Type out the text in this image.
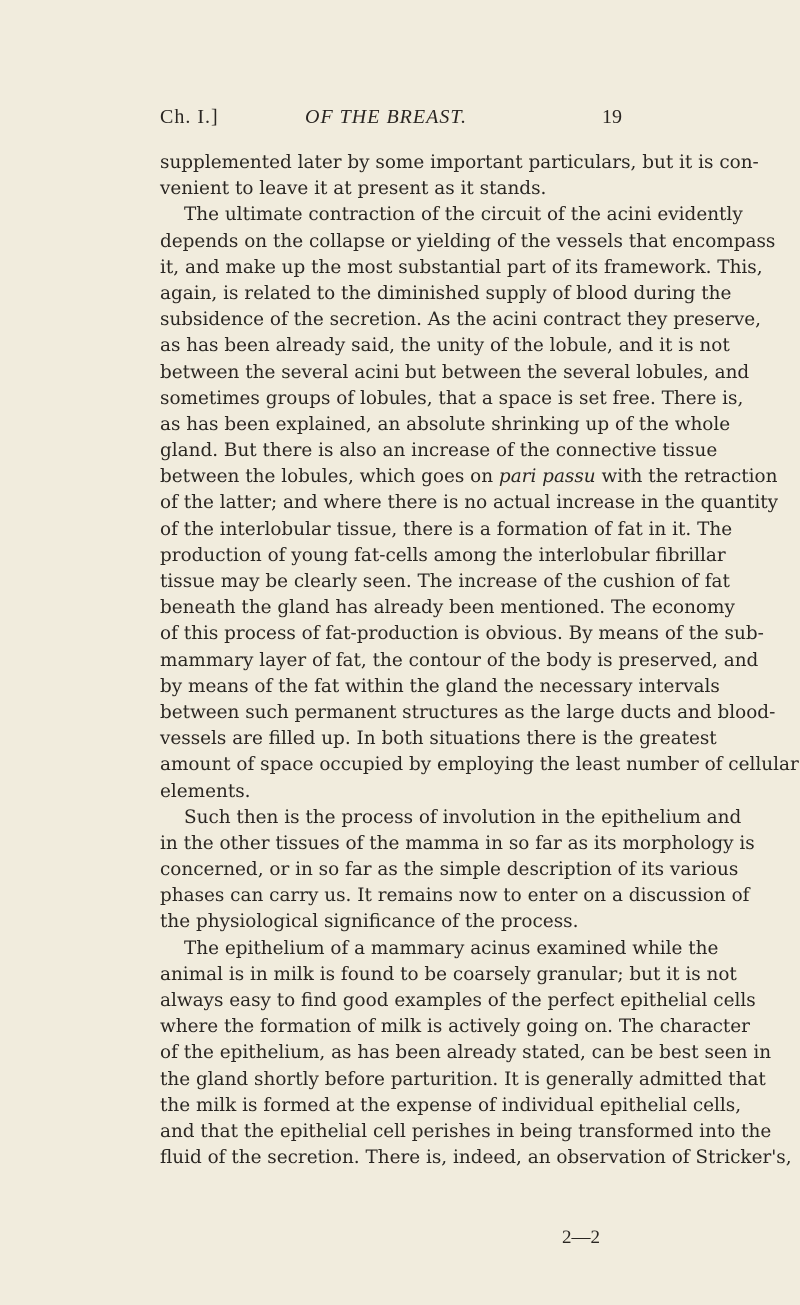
Ch. I.]	OF THE BREAST.	19
supplemented later by some important particulars, but it is con-
venient to leave it at present as it stands.
The ultimate contraction of the circuit of the acini evidently
depends on the collapse or yielding of the vessels that encompass
it, and make up the most substantial part of its framework. This,
again, is related to the diminished supply of blood during the
subsidence of the secretion. As the acini contract they preserve,
as has been already said, the unity of the lobule, and it is not
between the several acini but between the several lobules, and
sometimes groups of lobules, that a space is set free. There is,
as has been explained, an absolute shrinking up of the whole
gland. But there is also an increase of the connective tissue
between the lobules, which goes on pari passu with the retraction
of the latter; and where there is no actual increase in the quantity
of the interlobular tissue, there is a formation of fat in it. The
production of young fat-cells among the interlobular fibrillar
tissue may be clearly seen. The increase of the cushion of fat
beneath the gland has already been mentioned. The economy
of this process of fat-production is obvious. By means of the sub-
mammary layer of fat, the contour of the body is preserved, and
by means of the fat within the gland the necessary intervals
between such permanent structures as the large ducts and blood-
vessels are filled up. In both situations there is the greatest
amount of space occupied by employing the least number of cellular
elements.
Such then is the process of involution in the epithelium and
in the other tissues of the mamma in so far as its morphology is
concerned, or in so far as the simple description of its various
phases can carry us. It remains now to enter on a discussion of
the physiological significance of the process.
The epithelium of a mammary acinus examined while the
animal is in milk is found to be coarsely granular; but it is not
always easy to find good examples of the perfect epithelial cells
where the formation of milk is actively going on. The character
of the epithelium, as has been already stated, can be best seen in
the gland shortly before parturition. It is generally admitted that
the milk is formed at the expense of individual epithelial cells,
and that the epithelial cell perishes in being transformed into the
fluid of the secretion. There is, indeed, an observation of Stricker's,
2—2
